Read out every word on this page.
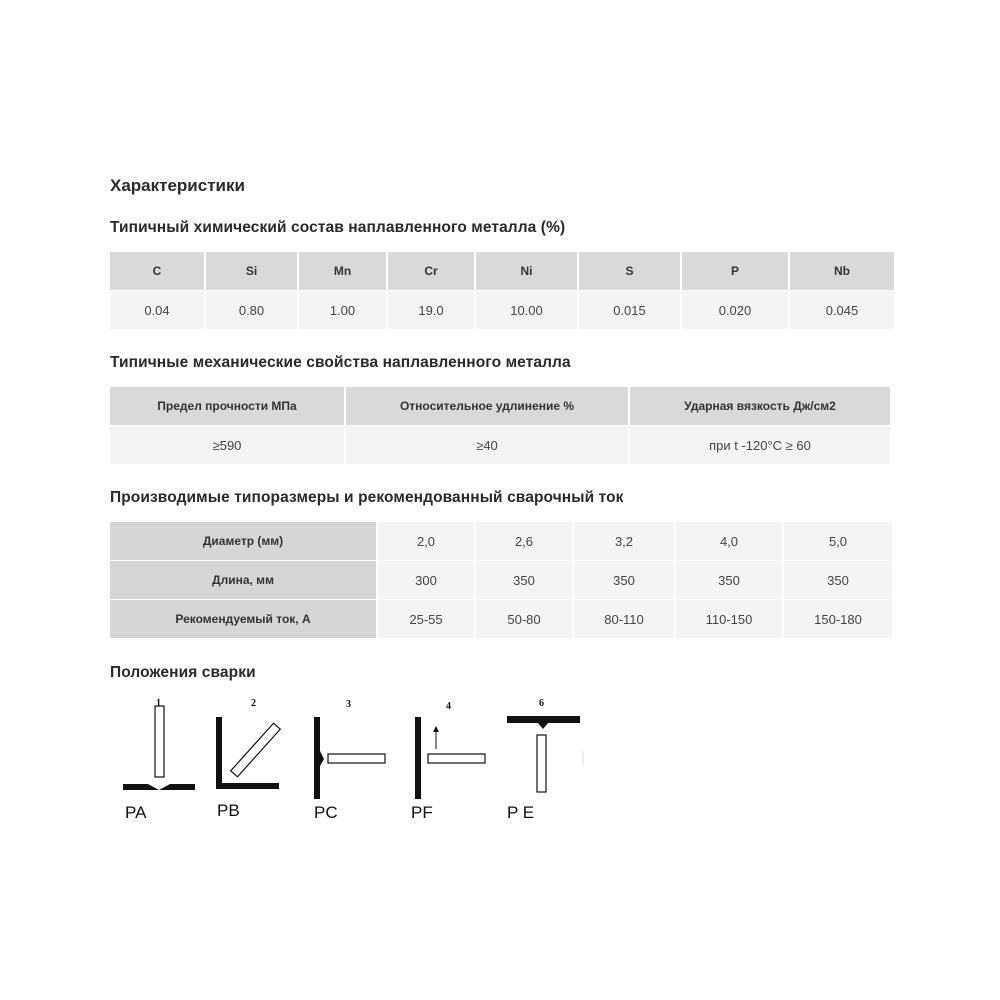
Характеристики
Типичный химический состав наплавленного металла (%)
C	Si	Mn	Cr	Ni	S	P	Nb
0.04	0.80	1.00	19.0	10.00	0.015	0.020	0.045
Типичные механические свойства наплавленного металла
Предел прочности МПа	Относительное удлинение %	Ударная вязкость Дж/см2
≥590	≥40	при t -120°C ≥ 60
Производимые типоразмеры и рекомендованный сварочный ток
Диаметр (мм)	2,0	2,6	3,2	4,0	5,0
Длина, мм	300	350	350	350	350
Рекомендуемый ток, А	25-55	50-80	80-110	110-150	150-180
Положения сварки
1	2	3	4	6
PA	PB	PC	PF	P E
